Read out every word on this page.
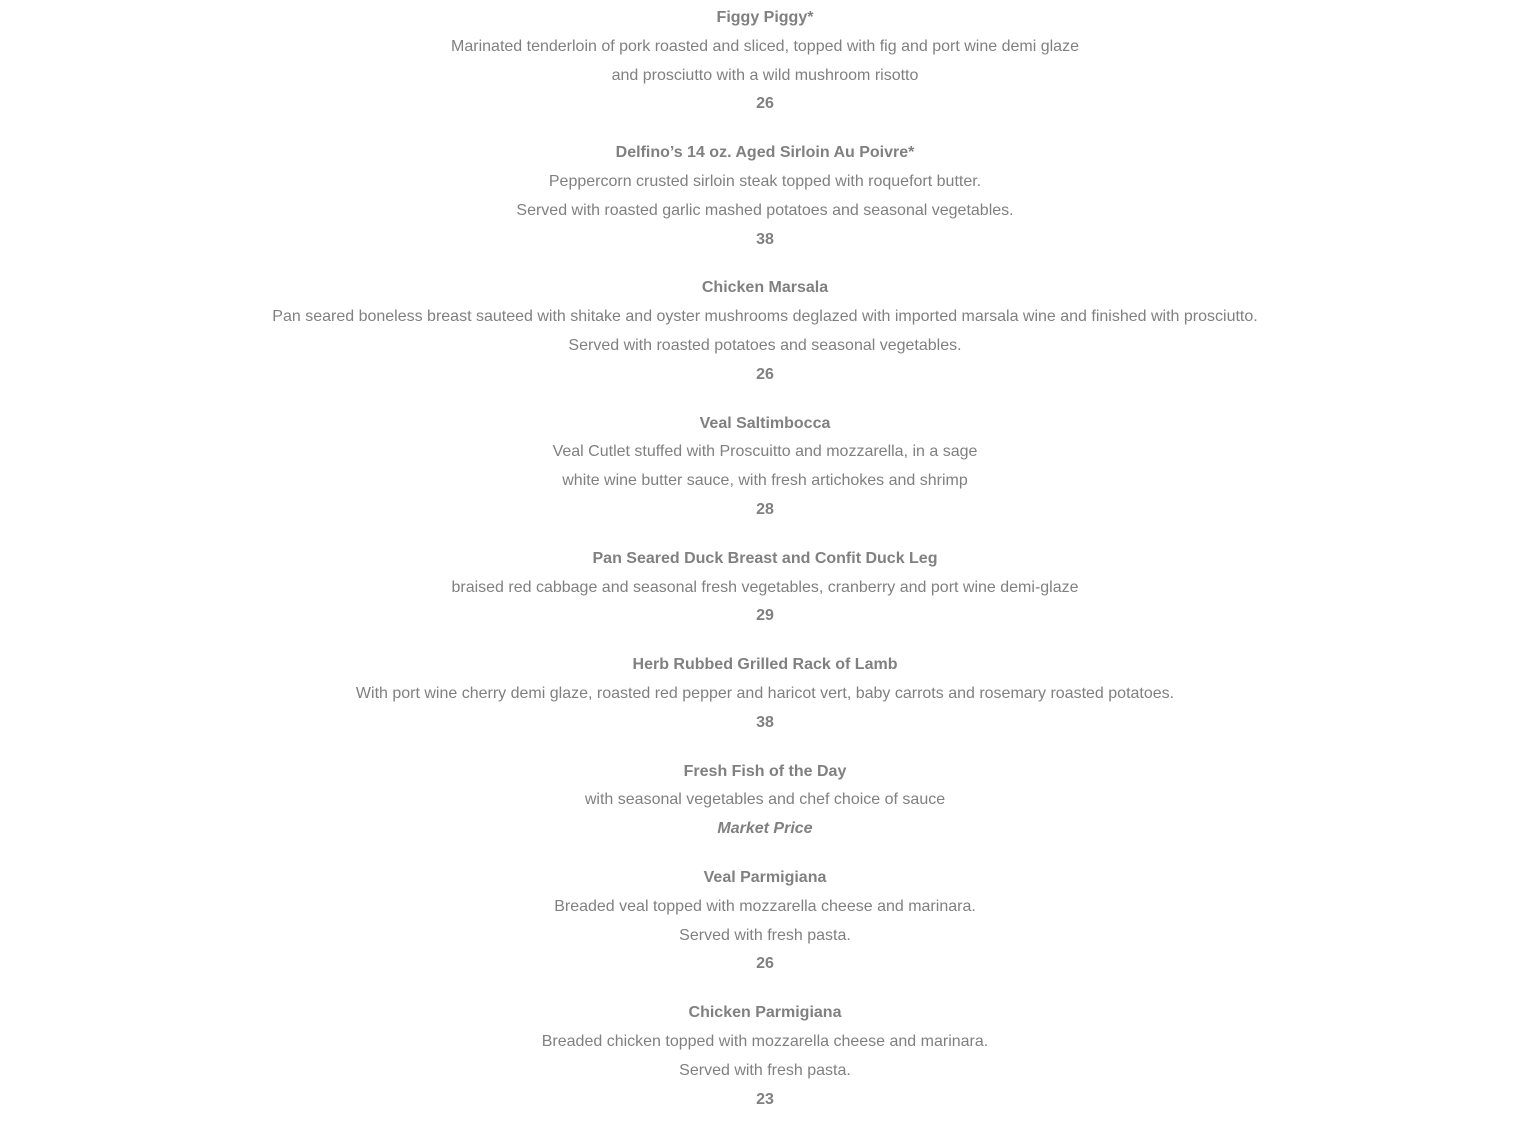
Figgy Piggy*
Marinated tenderloin of pork roasted and sliced, topped with fig and port wine demi glaze
and prosciutto with a wild mushroom risotto
26
Delfino’s 14 oz. Aged Sirloin Au Poivre*
Peppercorn crusted sirloin steak topped with roquefort butter.
Served with roasted garlic mashed potatoes and seasonal vegetables.
38
Chicken Marsala
Pan seared boneless breast sauteed with shitake and oyster mushrooms deglazed with imported marsala wine and finished with prosciutto.
Served with roasted potatoes and seasonal vegetables.
26
Veal Saltimbocca
Veal Cutlet stuffed with Proscuitto and mozzarella, in a sage
white wine butter sauce, with fresh artichokes and shrimp
28
Pan Seared Duck Breast and Confit Duck Leg
braised red cabbage and seasonal fresh vegetables, cranberry and port wine demi-glaze
29
Herb Rubbed Grilled Rack of Lamb
With port wine cherry demi glaze, roasted red pepper and haricot vert, baby carrots and rosemary roasted potatoes.
38
Fresh Fish of the Day
with seasonal vegetables and chef choice of sauce
Market Price
Veal Parmigiana
Breaded veal topped with mozzarella cheese and marinara.
Served with fresh pasta.
26
Chicken Parmigiana
Breaded chicken topped with mozzarella cheese and marinara.
Served with fresh pasta.
23
